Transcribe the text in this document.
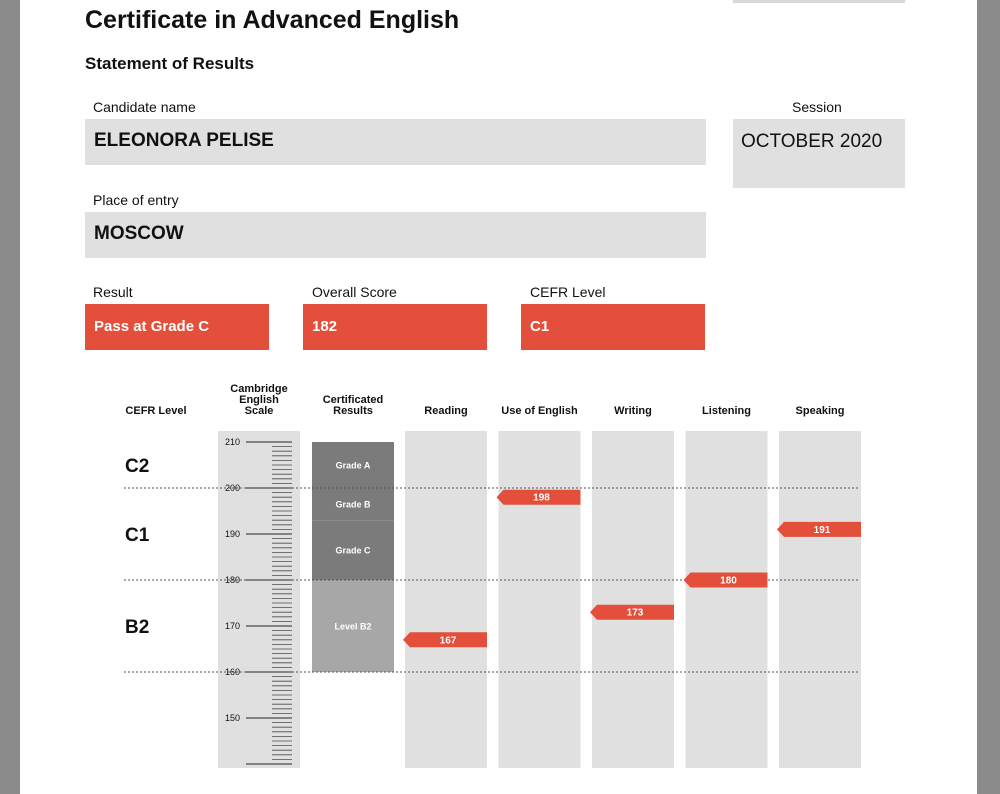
Certificate in Advanced English
Statement of Results
Candidate name
ELEONORA PELISE
Session
OCTOBER 2020
Place of entry
MOSCOW
Result
Pass at Grade C
Overall Score
182
CEFR Level
C1
CEFR Level
Cambridge
English
Scale
Certificated
Results
210
200
190
180
170
160
150
Grade A
Grade B
Grade C
Level B2
Reading	Use of English	Writing	Listening	Speaking
C2
C1
B2
167
198
173
180
191
